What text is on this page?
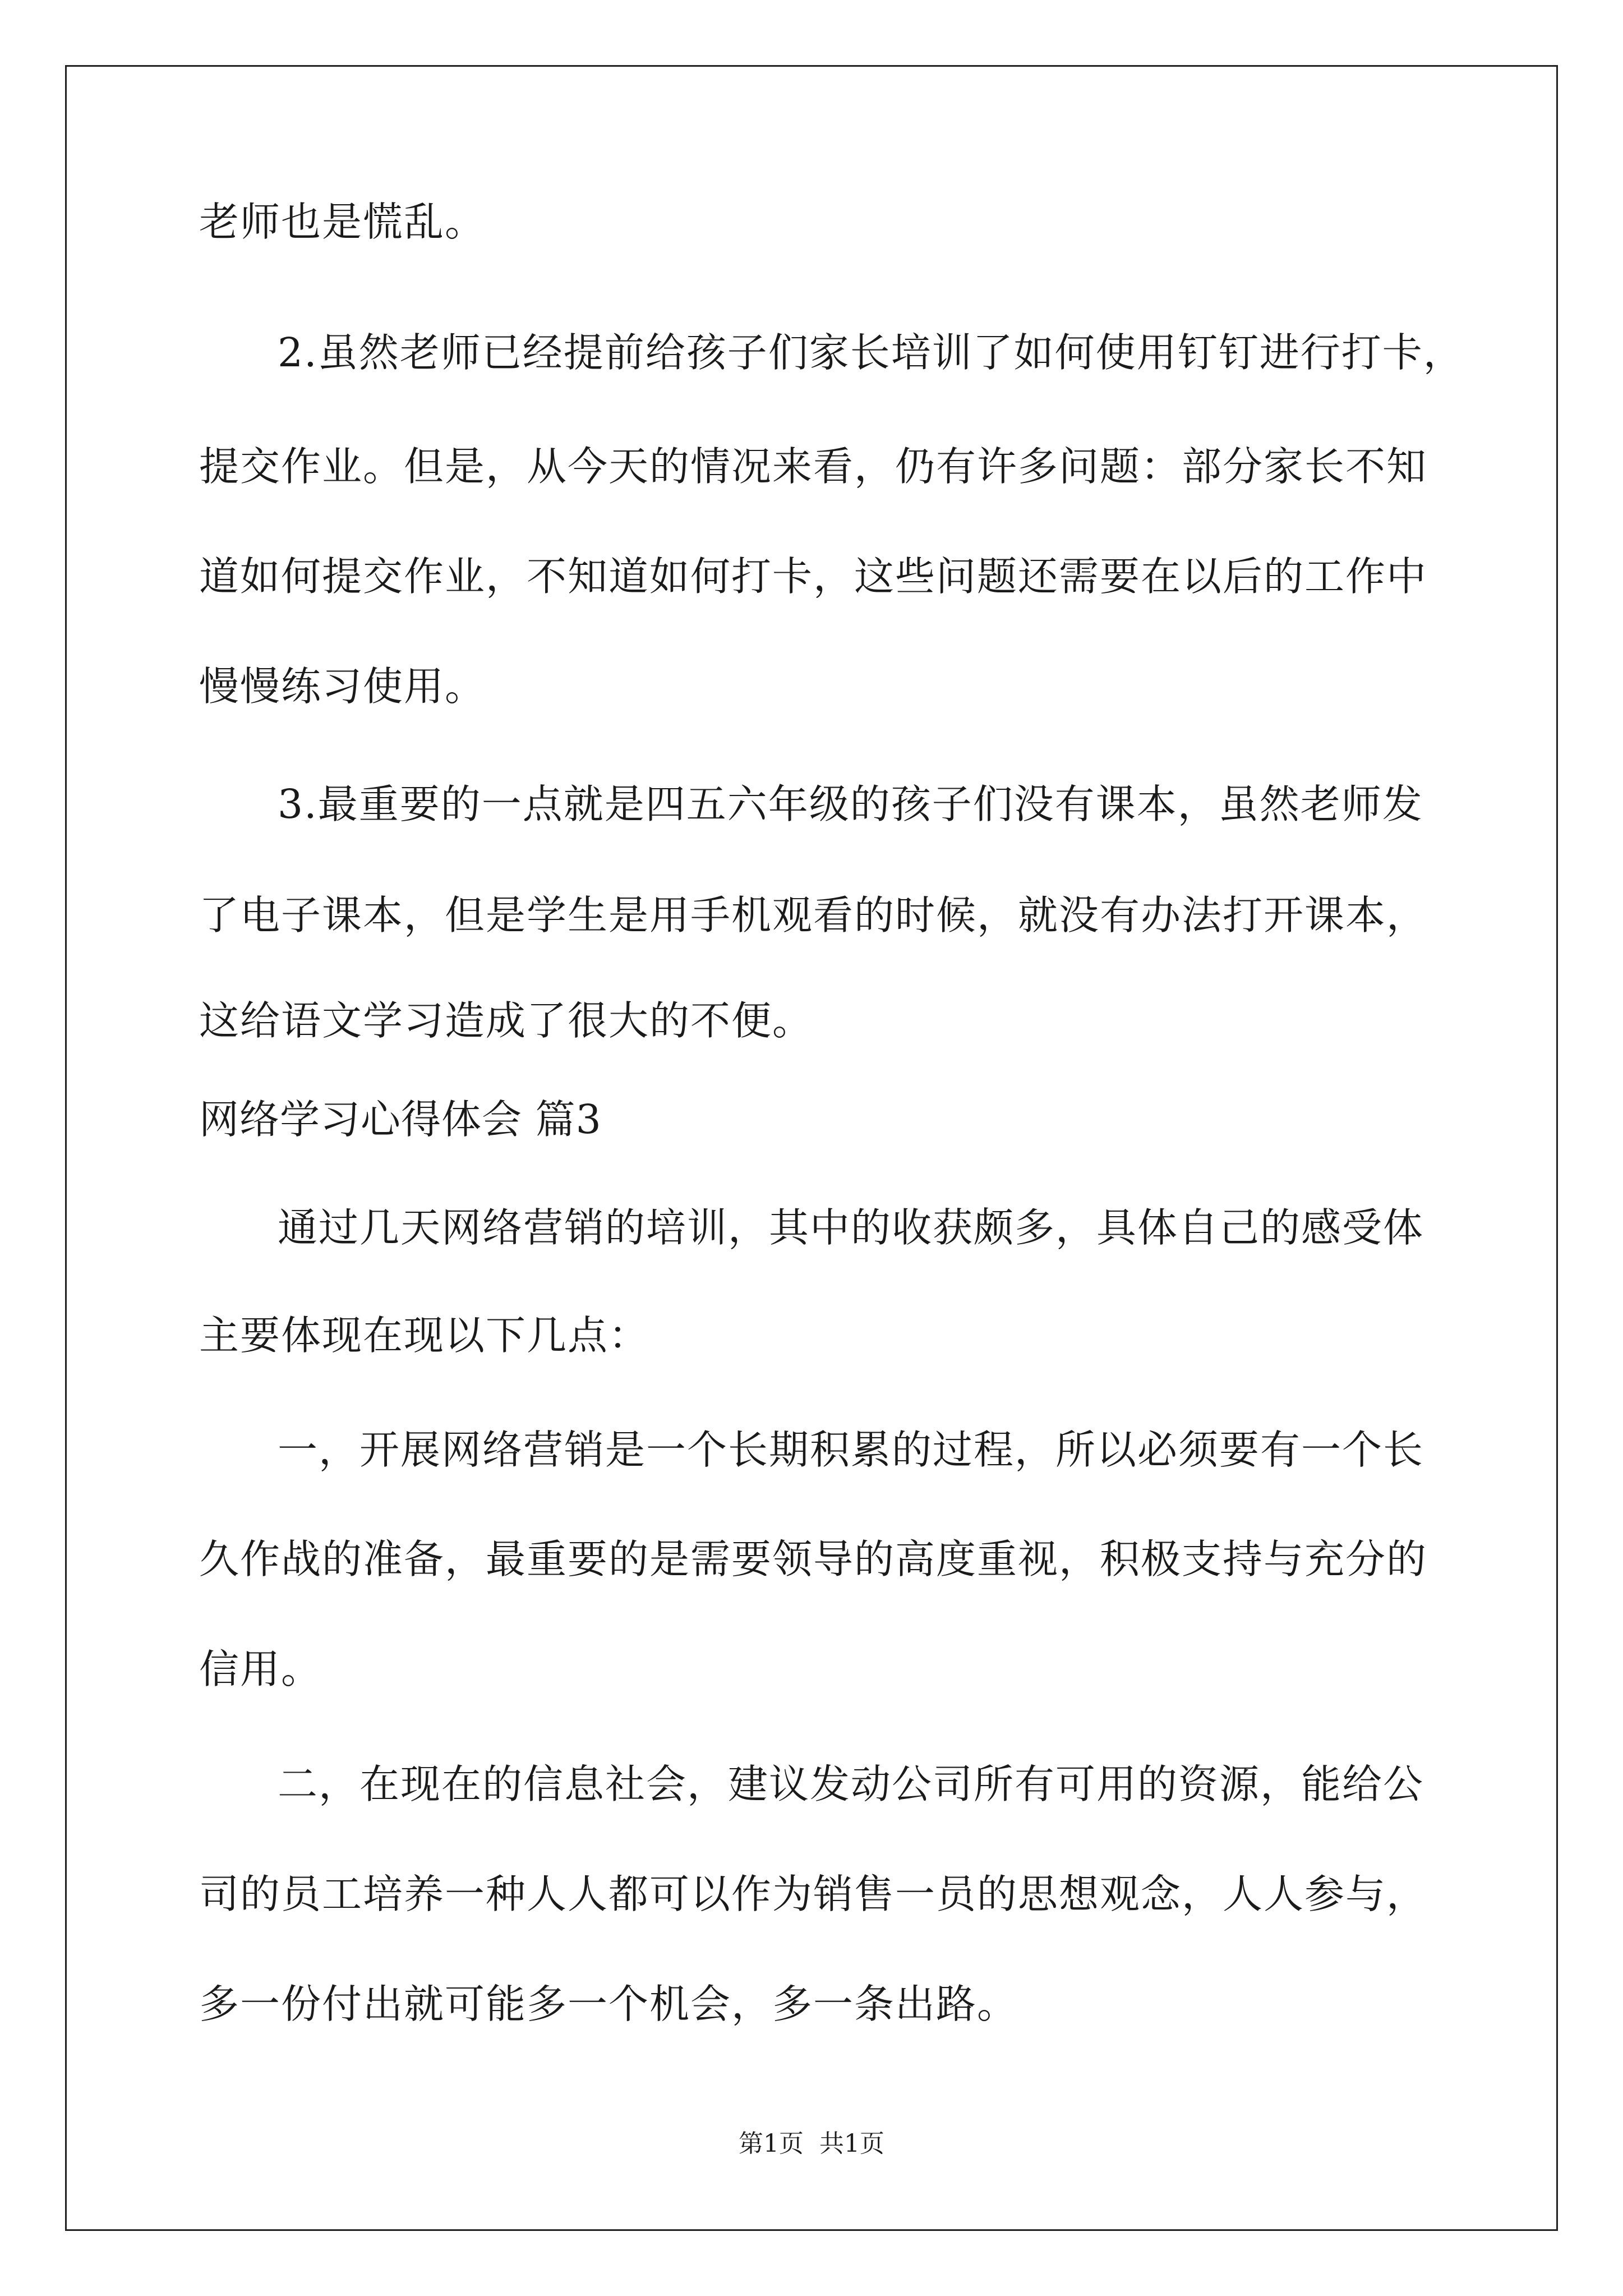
老师也是慌乱。
2.虽然老师已经提前给孩子们家长培训了如何使用钉钉进行打卡，
提交作业。但是，从今天的情况来看，仍有许多问题：部分家长不知
道如何提交作业，不知道如何打卡，这些问题还需要在以后的工作中
慢慢练习使用。
3.最重要的一点就是四五六年级的孩子们没有课本，虽然老师发
了电子课本，但是学生是用手机观看的时候，就没有办法打开课本，
这给语文学习造成了很大的不便。
网络学习心得体会 篇3
通过几天网络营销的培训，其中的收获颇多，具体自己的感受体
主要体现在现以下几点：
一，开展网络营销是一个长期积累的过程，所以必须要有一个长
久作战的准备，最重要的是需要领导的高度重视，积极支持与充分的
信用。
二，在现在的信息社会，建议发动公司所有可用的资源，能给公
司的员工培养一种人人都可以作为销售一员的思想观念，人人参与，
多一份付出就可能多一个机会，多一条出路。
第1页 共1页
